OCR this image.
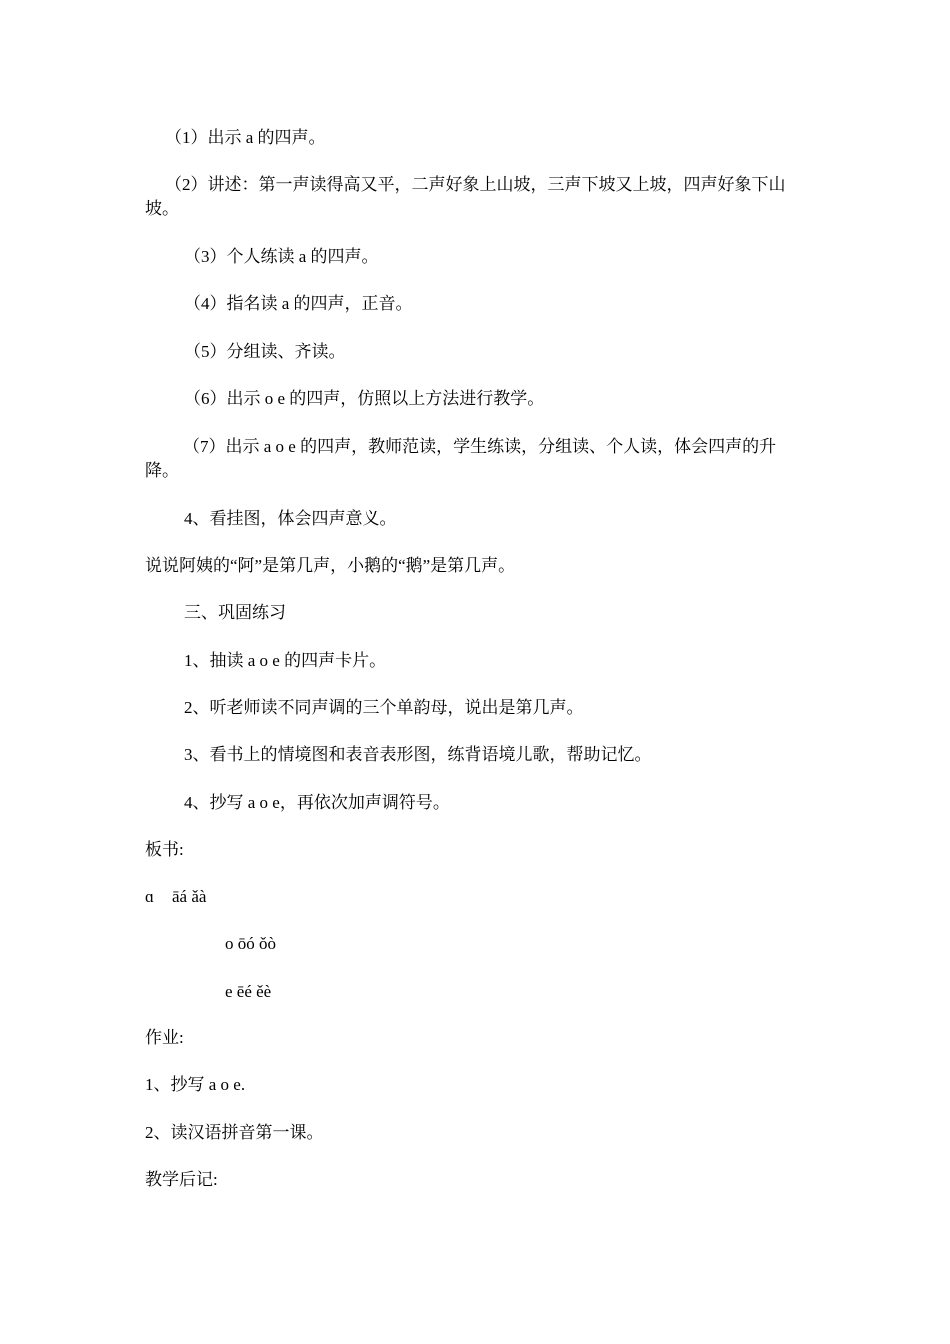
（1）出示 a 的四声。
（2）讲述：第一声读得高又平，二声好象上山坡，三声下坡又上坡，四声好象下山坡。
（3）个人练读 a 的四声。
（4）指名读 a 的四声，正音。
（5）分组读、齐读。
（6）出示 o e 的四声，仿照以上方法进行教学。
（7）出示 a o e 的四声，教师范读，学生练读，分组读、个人读，体会四声的升降。
4、看挂图，体会四声意义。
说说阿姨的“阿”是第几声，小鹅的“鹅”是第几声。
三、巩固练习
1、抽读 a o e 的四声卡片。
2、听老师读不同声调的三个单韵母，说出是第几声。
3、看书上的情境图和表音表形图，练背语境儿歌，帮助记忆。
4、抄写 a o e，再依次加声调符号。
板书:
ɑ āá ǎà
o ōó ǒò
e ēé ěè
作业:
1、抄写 a o e.
2、读汉语拼音第一课。
教学后记:
